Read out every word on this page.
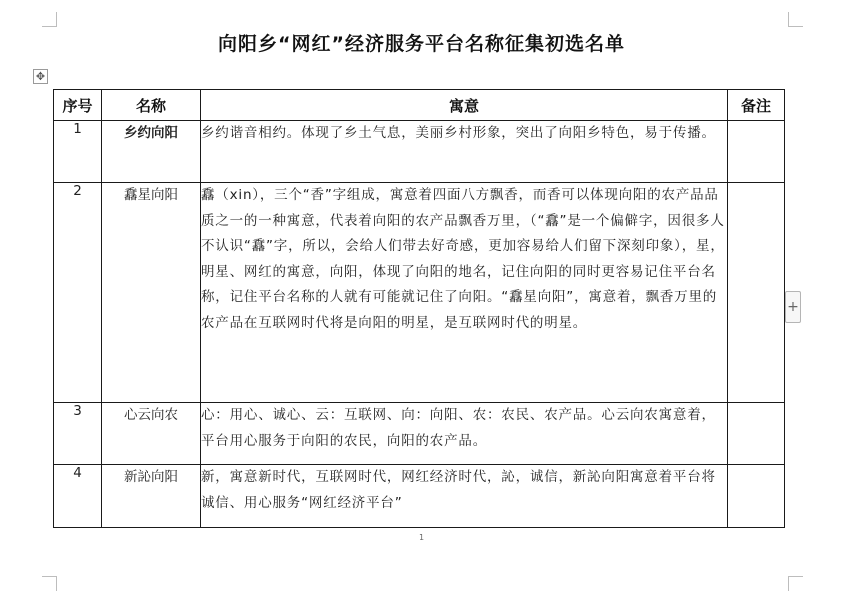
向阳乡“网红”经济服务平台名称征集初选名单
✥
序号	名称	寓意	备注
1	乡约向阳	乡约谐音相约。体现了乡土气息，美丽乡村形象，突出了向阳乡特色，易于传播。	
2	馫星向阳	馫（xin），三个“香”字组成，寓意着四面八方飘香，而香可以体现向阳的农产品品质之一的一种寓意，代表着向阳的农产品飘香万里，（“馫”是一个偏僻字，因很多人不认识“馫”字，所以，会给人们带去好奇感，更加容易给人们留下深刻印象），星，明星、网红的寓意，向阳，体现了向阳的地名，记住向阳的同时更容易记住平台名称，记住平台名称的人就有可能就记住了向阳。“馫星向阳”，寓意着，飘香万里的农产品在互联网时代将是向阳的明星，是互联网时代的明星。	
3	心云向农	心：用心、诚心、云：互联网、向：向阳、农：农民、农产品。心云向农寓意着，平台用心服务于向阳的农民，向阳的农产品。	
4	新訫向阳	新，寓意新时代，互联网时代，网红经济时代，訫，诚信，新訫向阳寓意着平台将诚信、用心服务“网红经济平台”	
+
1
